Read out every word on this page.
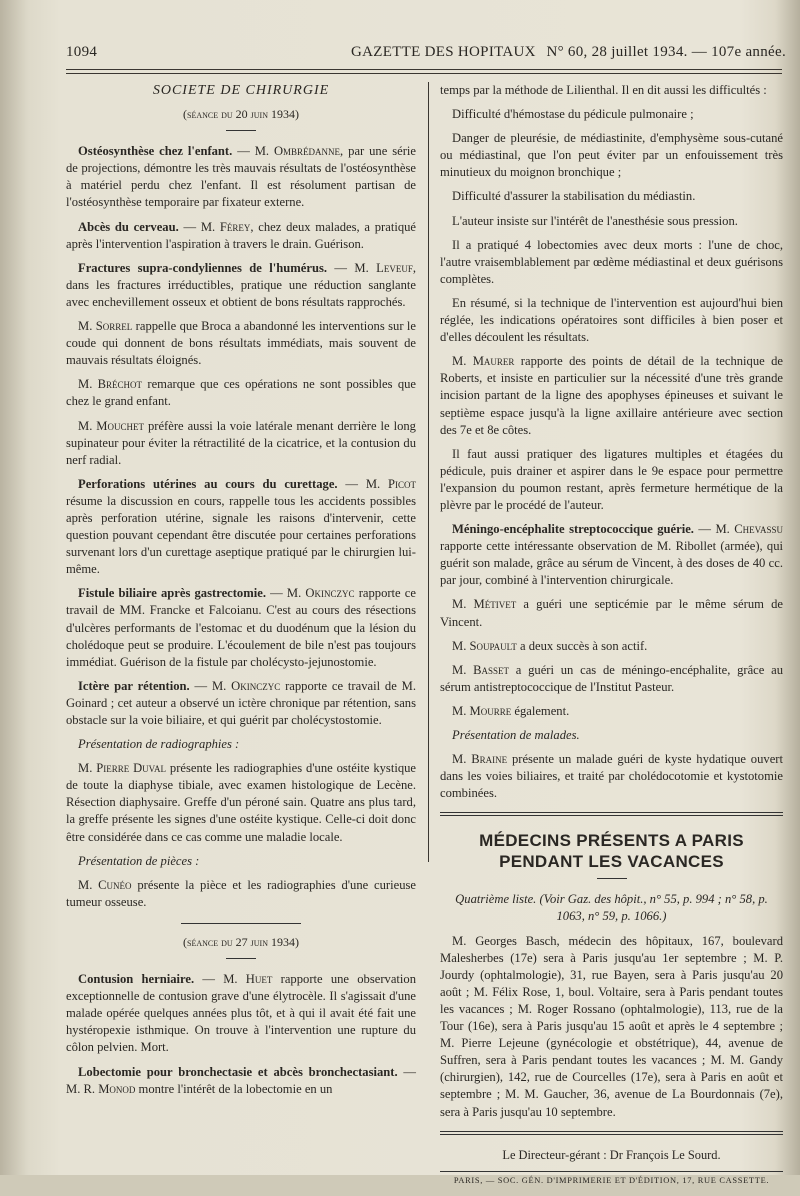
1094	GAZETTE DES HOPITAUX N° 60, 28 juillet 1934. — 107e année.

SOCIETE DE CHIRURGIE

(séance du 20 juin 1934)

Ostéosynthèse chez l'enfant. — M. Ombrédanne, par une série de projections, démontre les très mauvais résultats de l'ostéosynthèse à matériel perdu chez l'enfant. Il est résolument partisan de l'ostéosynthèse temporaire par fixateur externe.

Abcès du cerveau. — M. Férey, chez deux malades, a pratiqué après l'intervention l'aspiration à travers le drain. Guérison.

Fractures supra-condyliennes de l'humérus. — M. Leveuf, dans les fractures irréductibles, pratique une réduction sanglante avec enchevillement osseux et obtient de bons résultats rapprochés.

M. Sorrel rappelle que Broca a abandonné les interventions sur le coude qui donnent de bons résultats immédiats, mais souvent de mauvais résultats éloignés.

M. Bréchot remarque que ces opérations ne sont possibles que chez le grand enfant.

M. Mouchet préfère aussi la voie latérale menant derrière le long supinateur pour éviter la rétractilité de la cicatrice, et la contusion du nerf radial.

Perforations utérines au cours du curettage. — M. Picot résume la discussion en cours, rappelle tous les accidents possibles après perforation utérine, signale les raisons d'intervenir, cette question pouvant cependant être discutée pour certaines perforations survenant lors d'un curettage aseptique pratiqué par le chirurgien lui-même.

Fistule biliaire après gastrectomie. — M. Okinczyc rapporte ce travail de MM. Francke et Falcoianu. C'est au cours des résections d'ulcères performants de l'estomac et du duodénum que la lésion du cholédoque peut se produire. L'écoulement de bile n'est pas toujours immédiat. Guérison de la fistule par cholécysto-jejunostomie.

Ictère par rétention. — M. Okinczyc rapporte ce travail de M. Goinard ; cet auteur a observé un ictère chronique par rétention, sans obstacle sur la voie biliaire, et qui guérit par cholécystostomie.

Présentation de radiographies :

M. Pierre Duval présente les radiographies d'une ostéite kystique de toute la diaphyse tibiale, avec examen histologique de Lecène. Résection diaphysaire. Greffe d'un péroné sain. Quatre ans plus tard, la greffe présente les signes d'une ostéite kystique. Celle-ci doit donc être considérée dans ce cas comme une maladie locale.

Présentation de pièces :

M. Cunéo présente la pièce et les radiographies d'une curieuse tumeur osseuse.

(séance du 27 juin 1934)

Contusion herniaire. — M. Huet rapporte une observation exceptionnelle de contusion grave d'une élytrocèle. Il s'agissait d'une malade opérée quelques années plus tôt, et à qui il avait été fait une hystéropexie isthmique. On trouve à l'intervention une rupture du côlon pelvien. Mort.

Lobectomie pour bronchectasie et abcès bronchectasiant. — M. R. Monod montre l'intérêt de la lobectomie en un

temps par la méthode de Lilienthal. Il en dit aussi les difficultés :

Difficulté d'hémostase du pédicule pulmonaire ;

Danger de pleurésie, de médiastinite, d'emphysème sous-cutané ou médiastinal, que l'on peut éviter par un enfouissement très minutieux du moignon bronchique ;

Difficulté d'assurer la stabilisation du médiastin.

L'auteur insiste sur l'intérêt de l'anesthésie sous pression.

Il a pratiqué 4 lobectomies avec deux morts : l'une de choc, l'autre vraisemblablement par œdème médiastinal et deux guérisons complètes.

En résumé, si la technique de l'intervention est aujourd'hui bien réglée, les indications opératoires sont difficiles à bien poser et d'elles découlent les résultats.

M. Maurer rapporte des points de détail de la technique de Roberts, et insiste en particulier sur la nécessité d'une très grande incision partant de la ligne des apophyses épineuses et suivant le septième espace jusqu'à la ligne axillaire antérieure avec section des 7e et 8e côtes.

Il faut aussi pratiquer des ligatures multiples et étagées du pédicule, puis drainer et aspirer dans le 9e espace pour permettre l'expansion du poumon restant, après fermeture hermétique de la plèvre par le procédé de l'auteur.

Méningo-encéphalite streptococcique guérie. — M. Chevassu rapporte cette intéressante observation de M. Ribollet (armée), qui guérit son malade, grâce au sérum de Vincent, à des doses de 40 cc. par jour, combiné à l'intervention chirurgicale.

M. Métivet a guéri une septicémie par le même sérum de Vincent.

M. Soupault a deux succès à son actif.

M. Basset a guéri un cas de méningo-encéphalite, grâce au sérum antistreptococcique de l'Institut Pasteur.

M. Mourre également.

Présentation de malades.

M. Braine présente un malade guéri de kyste hydatique ouvert dans les voies biliaires, et traité par cholédocotomie et kystotomie combinées.

MÉDECINS PRÉSENTS A PARIS PENDANT LES VACANCES

Quatrième liste. (Voir Gaz. des hôpit., n° 55, p. 994 ; n° 58, p. 1063, n° 59, p. 1066.)

M. Georges Basch, médecin des hôpitaux, 167, boulevard Malesherbes (17e) sera à Paris jusqu'au 1er septembre ; M. P. Jourdy (ophtalmologie), 31, rue Bayen, sera à Paris jusqu'au 20 août ; M. Félix Rose, 1, boul. Voltaire, sera à Paris pendant toutes les vacances ; M. Roger Rossano (ophtalmologie), 113, rue de la Tour (16e), sera à Paris jusqu'au 15 août et après le 4 septembre ; M. Pierre Lejeune (gynécologie et obstétrique), 44, avenue de Suffren, sera à Paris pendant toutes les vacances ; M. M. Gandy (chirurgien), 142, rue de Courcelles (17e), sera à Paris en août et septembre ; M. M. Gaucher, 36, avenue de La Bourdonnais (7e), sera à Paris jusqu'au 10 septembre.

Le Directeur-gérant : Dr François Le Sourd.

PARIS, — SOC. GÉN. D'IMPRIMERIE ET D'ÉDITION, 17, RUE CASSETTE.
